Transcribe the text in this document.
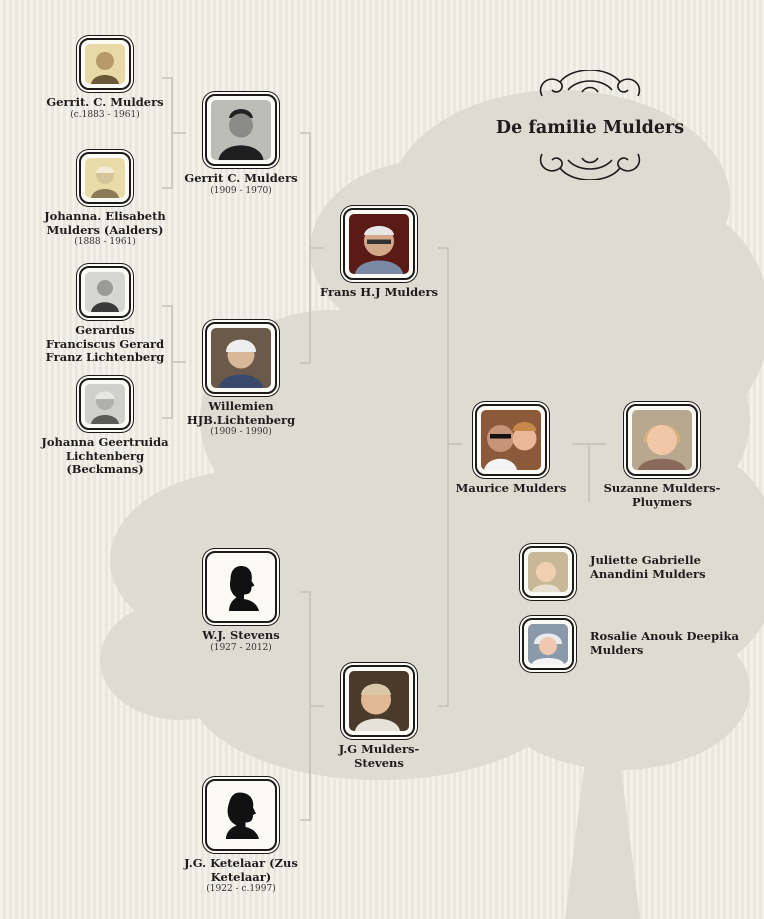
De familie Mulders
Gerrit. C. Mulders
(c.1883 - 1961)
Johanna. Elisabeth Mulders (Aalders)
(1888 - 1961)
Gerardus Franciscus Gerard Franz Lichtenberg
Johanna Geertruida Lichtenberg (Beckmans)
Gerrit C. Mulders
(1909 - 1970)
Willemien HJB.Lichtenberg
(1909 - 1990)
W.J. Stevens
(1927 - 2012)
J.G. Ketelaar (Zus Ketelaar)
(1922 - c.1997)
Frans H.J Mulders
J.G Mulders-Stevens
Maurice Mulders	Suzanne Mulders-Pluymers
Juliette Gabrielle Anandini Mulders
Rosalie Anouk Deepika Mulders
